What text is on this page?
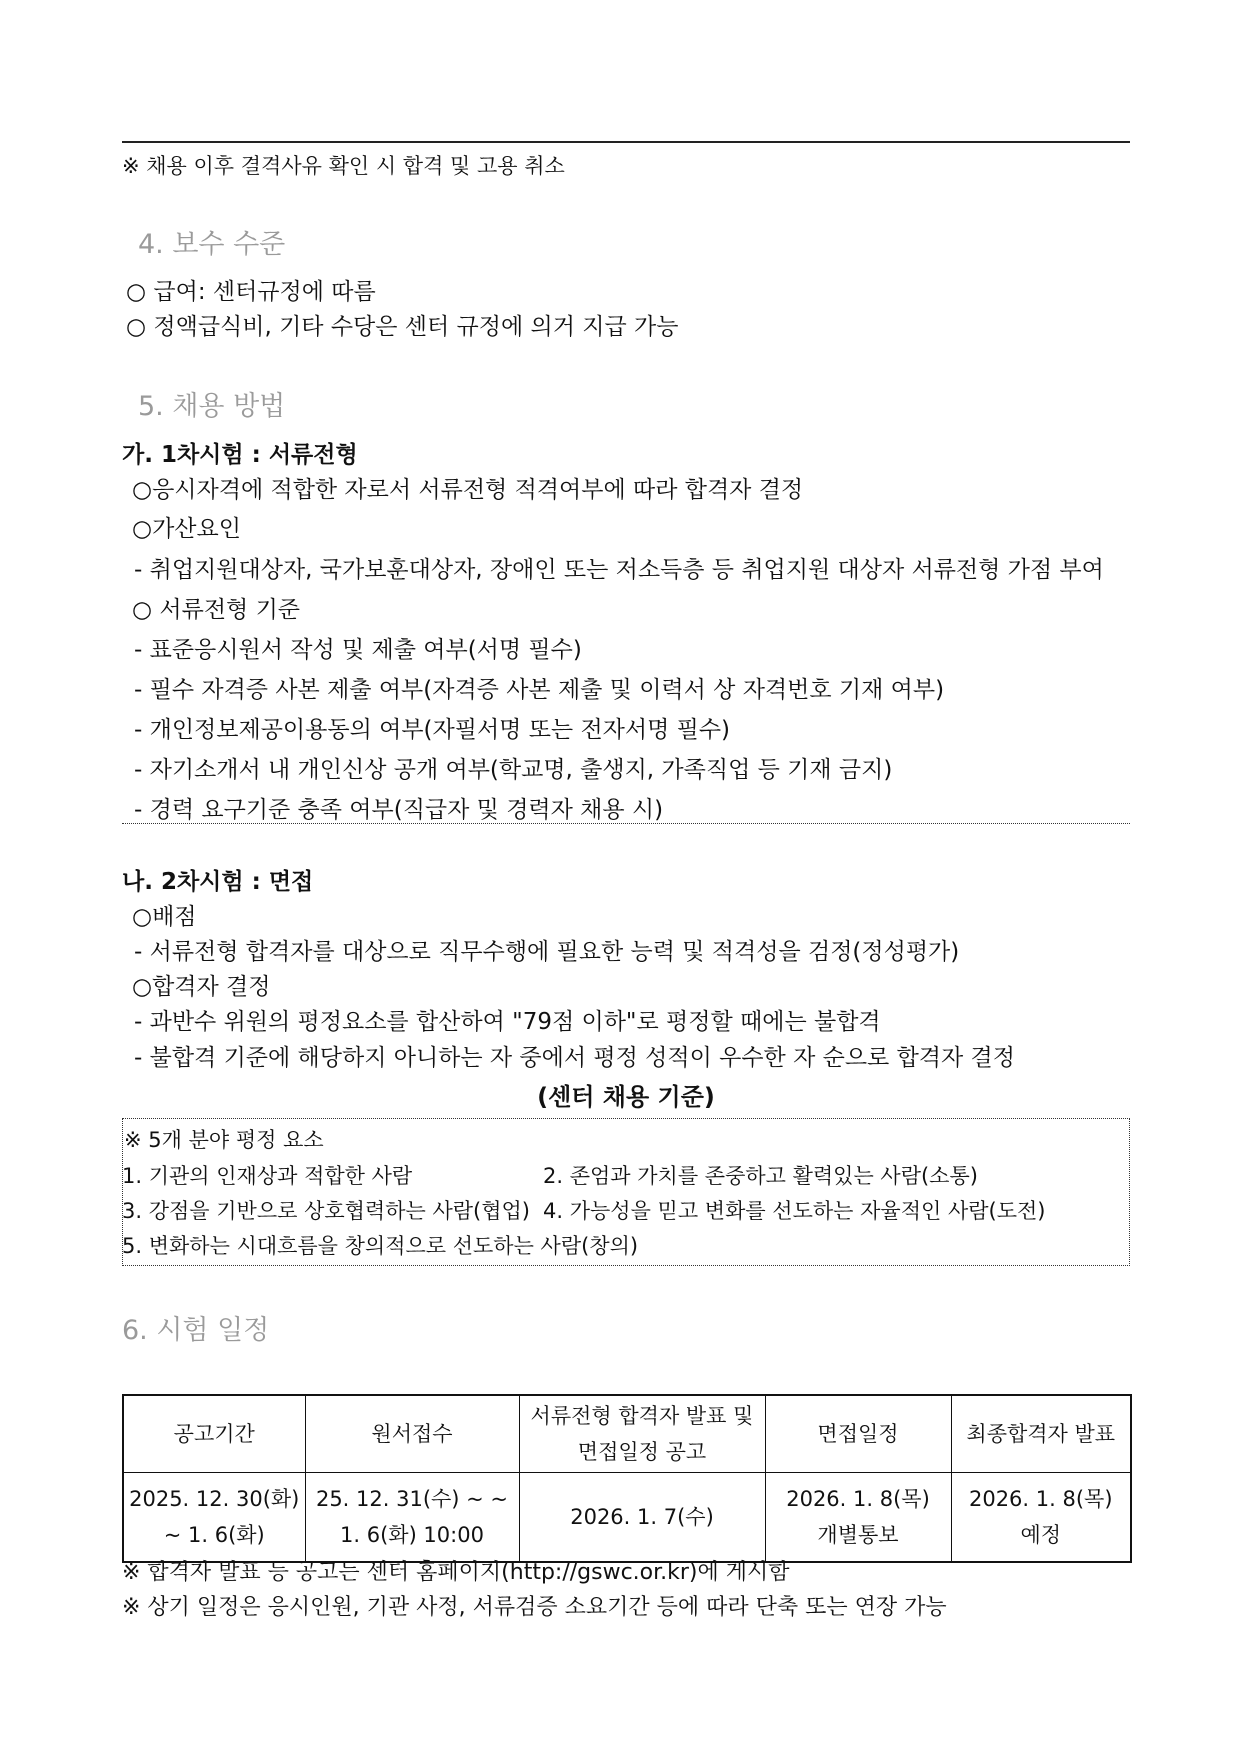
※ 채용 이후 결격사유 확인 시 합격 및 고용 취소
4. 보수 수준
○ 급여: 센터규정에 따름
○ 정액급식비, 기타 수당은 센터 규정에 의거 지급 가능
5. 채용 방법
가. 1차시험 : 서류전형
○응시자격에 적합한 자로서 서류전형 적격여부에 따라 합격자 결정
○가산요인
- 취업지원대상자, 국가보훈대상자, 장애인 또는 저소득층 등 취업지원 대상자 서류전형 가점 부여
○ 서류전형 기준
- 표준응시원서 작성 및 제출 여부(서명 필수)
- 필수 자격증 사본 제출 여부(자격증 사본 제출 및 이력서 상 자격번호 기재 여부)
- 개인정보제공이용동의 여부(자필서명 또는 전자서명 필수)
- 자기소개서 내 개인신상 공개 여부(학교명, 출생지, 가족직업 등 기재 금지)
- 경력 요구기준 충족 여부(직급자 및 경력자 채용 시)
나. 2차시험 : 면접
○배점
- 서류전형 합격자를 대상으로 직무수행에 필요한 능력 및 적격성을 검정(정성평가)
○합격자 결정
- 과반수 위원의 평정요소를 합산하여 "79점 이하"로 평정할 때에는 불합격
- 불합격 기준에 해당하지 아니하는 자 중에서 평정 성적이 우수한 자 순으로 합격자 결정
(센터 채용 기준)
※ 5개 분야 평정 요소
1. 기관의 인재상과 적합한 사람	2. 존엄과 가치를 존중하고 활력있는 사람(소통)
3. 강점을 기반으로 상호협력하는 사람(협업) 4. 가능성을 믿고 변화를 선도하는 자율적인 사람(도전)
5. 변화하는 시대흐름을 창의적으로 선도하는 사람(창의)
6. 시험 일정
공고기간	원서접수	서류전형 합격자 발표 및 면접일정 공고	면접일정	최종합격자 발표
2025. 12. 30(화) ~ 1. 6(화)	25. 12. 31(수) ~ ~ 1. 6(화) 10:00	2026. 1. 7(수)	2026. 1. 8(목) 개별통보	2026. 1. 8(목) 예정
※ 합격자 발표 등 공고는 센터 홈페이지(http://gswc.or.kr)에 게시함
※ 상기 일정은 응시인원, 기관 사정, 서류검증 소요기간 등에 따라 단축 또는 연장 가능
